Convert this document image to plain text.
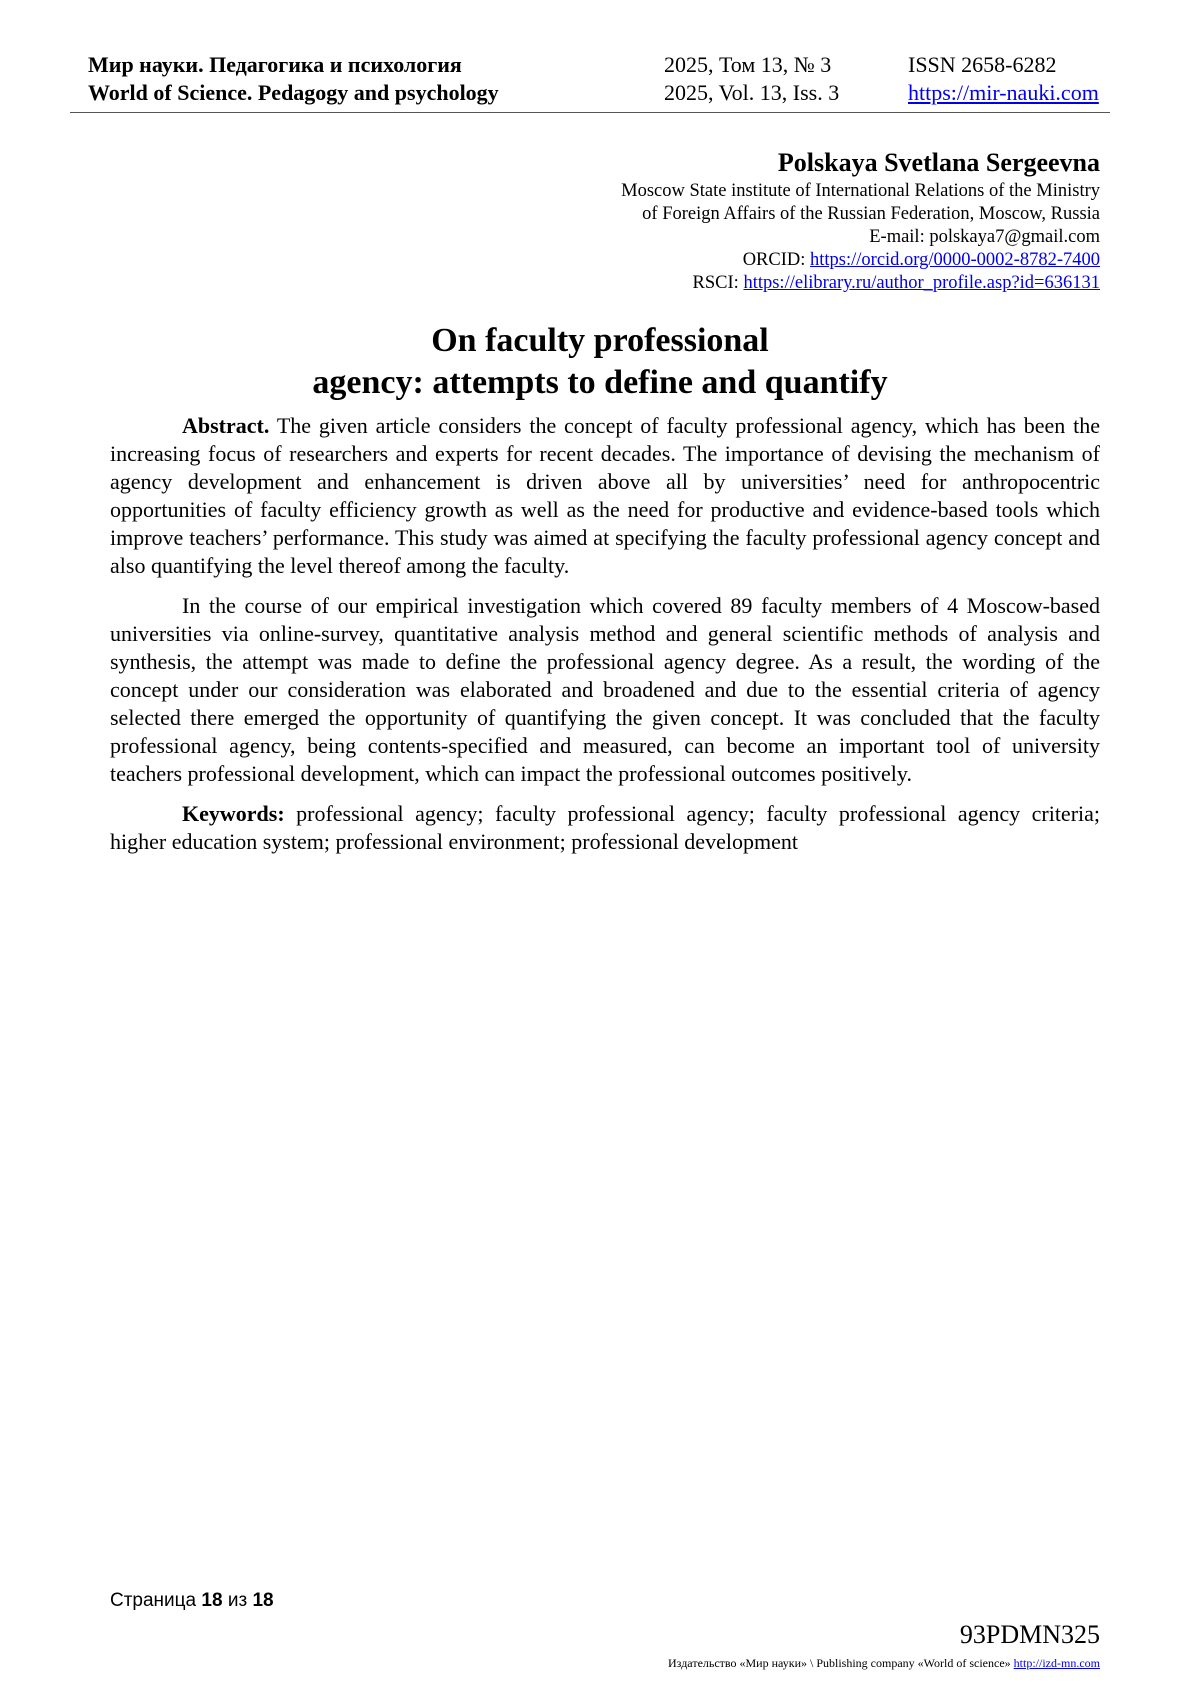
Мир науки. Педагогика и психология	2025, Том 13, № 3	ISSN 2658-6282
World of Science. Pedagogy and psychology	2025, Vol. 13, Iss. 3	https://mir-nauki.com
Polskaya Svetlana Sergeevna
Moscow State institute of International Relations of the Ministry
of Foreign Affairs of the Russian Federation, Moscow, Russia
E-mail: polskaya7@gmail.com
ORCID: https://orcid.org/0000-0002-8782-7400
RSCI: https://elibrary.ru/author_profile.asp?id=636131
On faculty professional
agency: attempts to define and quantify

Abstract. The given article considers the concept of faculty professional agency, which has been the increasing focus of researchers and experts for recent decades. The importance of devising the mechanism of agency development and enhancement is driven above all by universities’ need for anthropocentric opportunities of faculty efficiency growth as well as the need for productive and evidence-based tools which improve teachers’ performance. This study was aimed at specifying the faculty professional agency concept and also quantifying the level thereof among the faculty.

In the course of our empirical investigation which covered 89 faculty members of 4 Moscow-based universities via online-survey, quantitative analysis method and general scientific methods of analysis and synthesis, the attempt was made to define the professional agency degree. As a result, the wording of the concept under our consideration was elaborated and broadened and due to the essential criteria of agency selected there emerged the opportunity of quantifying the given concept. It was concluded that the faculty professional agency, being contents-specified and measured, can become an important tool of university teachers professional development, which can impact the professional outcomes positively.

Keywords: professional agency; faculty professional agency; faculty professional agency criteria; higher education system; professional environment; professional development

Страница 18 из 18
93PDMN325
Издательство «Мир науки» \ Publishing company «World of science» http://izd-mn.com
